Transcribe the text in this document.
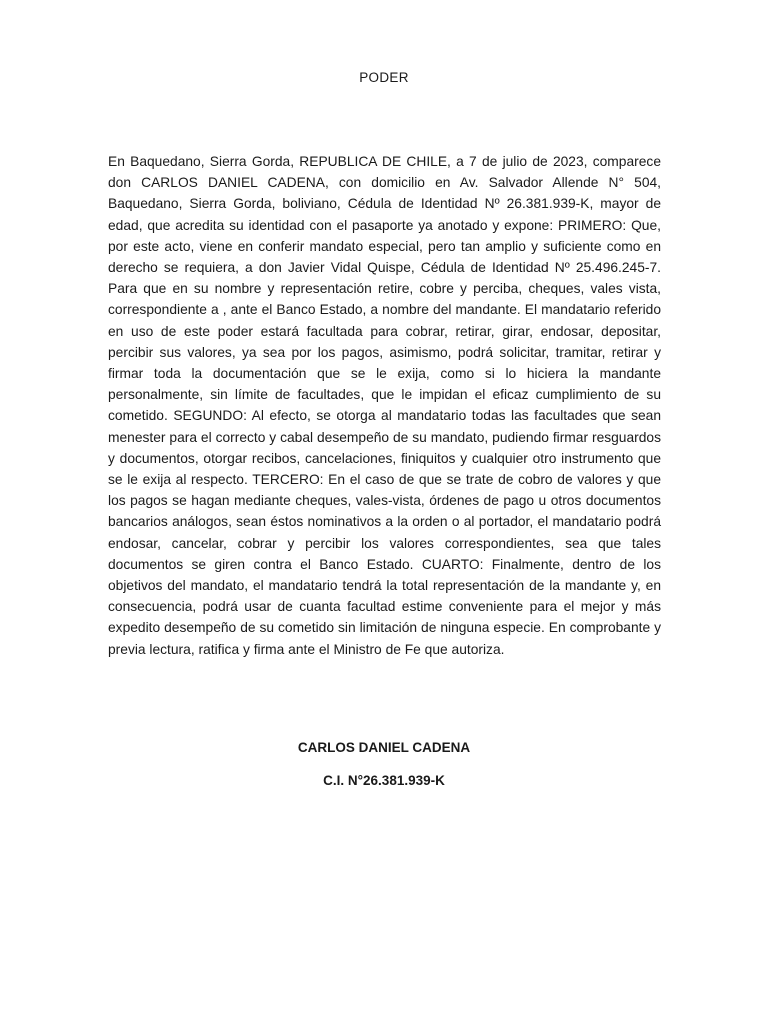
PODER

En Baquedano, Sierra Gorda, REPUBLICA DE CHILE, a 7 de julio de 2023, comparece don CARLOS DANIEL CADENA, con domicilio en Av. Salvador Allende N° 504, Baquedano, Sierra Gorda, boliviano, Cédula de Identidad Nº 26.381.939-K, mayor de edad, que acredita su identidad con el pasaporte ya anotado y expone: PRIMERO: Que, por este acto, viene en conferir mandato especial, pero tan amplio y suficiente como en derecho se requiera, a don Javier Vidal Quispe, Cédula de Identidad Nº 25.496.245-7. Para que en su nombre y representación retire, cobre y perciba, cheques, vales vista, correspondiente a , ante el Banco Estado, a nombre del mandante. El mandatario referido en uso de este poder estará facultada para cobrar, retirar, girar, endosar, depositar, percibir sus valores, ya sea por los pagos, asimismo, podrá solicitar, tramitar, retirar y firmar toda la documentación que se le exija, como si lo hiciera la mandante personalmente, sin límite de facultades, que le impidan el eficaz cumplimiento de su cometido. SEGUNDO: Al efecto, se otorga al mandatario todas las facultades que sean menester para el correcto y cabal desempeño de su mandato, pudiendo firmar resguardos y documentos, otorgar recibos, cancelaciones, finiquitos y cualquier otro instrumento que se le exija al respecto. TERCERO: En el caso de que se trate de cobro de valores y que los pagos se hagan mediante cheques, vales-vista, órdenes de pago u otros documentos bancarios análogos, sean éstos nominativos a la orden o al portador, el mandatario podrá endosar, cancelar, cobrar y percibir los valores correspondientes, sea que tales documentos se giren contra el Banco Estado. CUARTO: Finalmente, dentro de los objetivos del mandato, el mandatario tendrá la total representación de la mandante y, en consecuencia, podrá usar de cuanta facultad estime conveniente para el mejor y más expedito desempeño de su cometido sin limitación de ninguna especie. En comprobante y previa lectura, ratifica y firma ante el Ministro de Fe que autoriza.

CARLOS DANIEL CADENA
C.I. N°26.381.939-K
